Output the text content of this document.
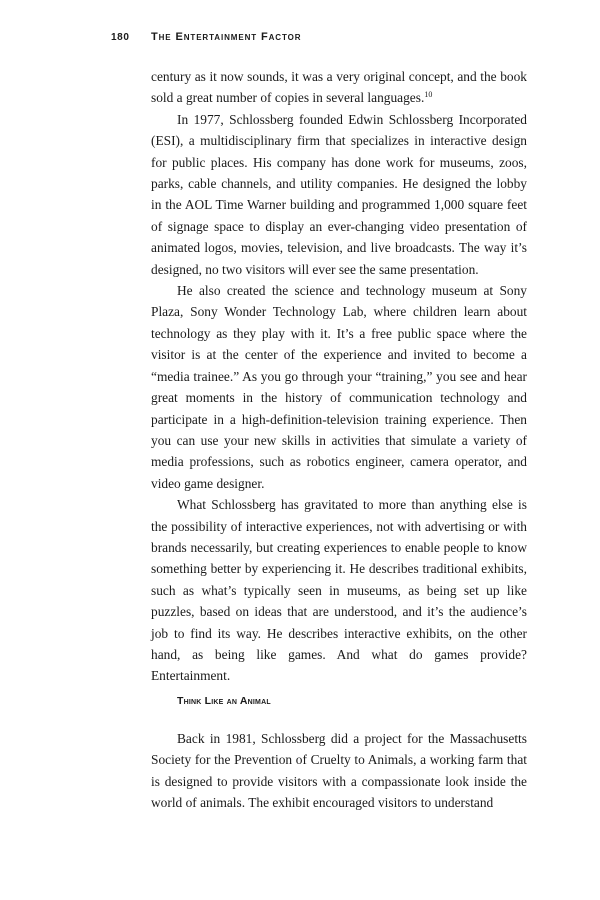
180 The Entertainment Factor

century as it now sounds, it was a very original concept, and the book sold a great number of copies in several languages.$^{10}$

In 1977, Schlossberg founded Edwin Schlossberg Incorporated (ESI), a multidisciplinary firm that specializes in interactive design for public places. His company has done work for museums, zoos, parks, cable channels, and utility companies. He designed the lobby in the AOL Time Warner building and programmed 1,000 square feet of signage space to display an ever-changing video presentation of animated logos, movies, television, and live broadcasts. The way it’s designed, no two visitors will ever see the same presentation.

He also created the science and technology museum at Sony Plaza, Sony Wonder Technology Lab, where children learn about technology as they play with it. It’s a free public space where the visitor is at the center of the experience and invited to become a “media trainee.” As you go through your “training,” you see and hear great moments in the history of communication technology and participate in a high-definition-television training experience. Then you can use your new skills in activities that simulate a variety of media professions, such as robotics engineer, camera operator, and video game designer.

What Schlossberg has gravitated to more than anything else is the possibility of interactive experiences, not with advertising or with brands necessarily, but creating experiences to enable people to know something better by experiencing it. He describes traditional exhibits, such as what’s typically seen in museums, as being set up like puzzles, based on ideas that are understood, and it’s the audience’s job to find its way. He describes interactive exhibits, on the other hand, as being like games. And what do games provide? Entertainment.

Think Like an Animal

Back in 1981, Schlossberg did a project for the Massachusetts Society for the Prevention of Cruelty to Animals, a working farm that is designed to provide visitors with a compassionate look inside the world of animals. The exhibit encouraged visitors to understand
